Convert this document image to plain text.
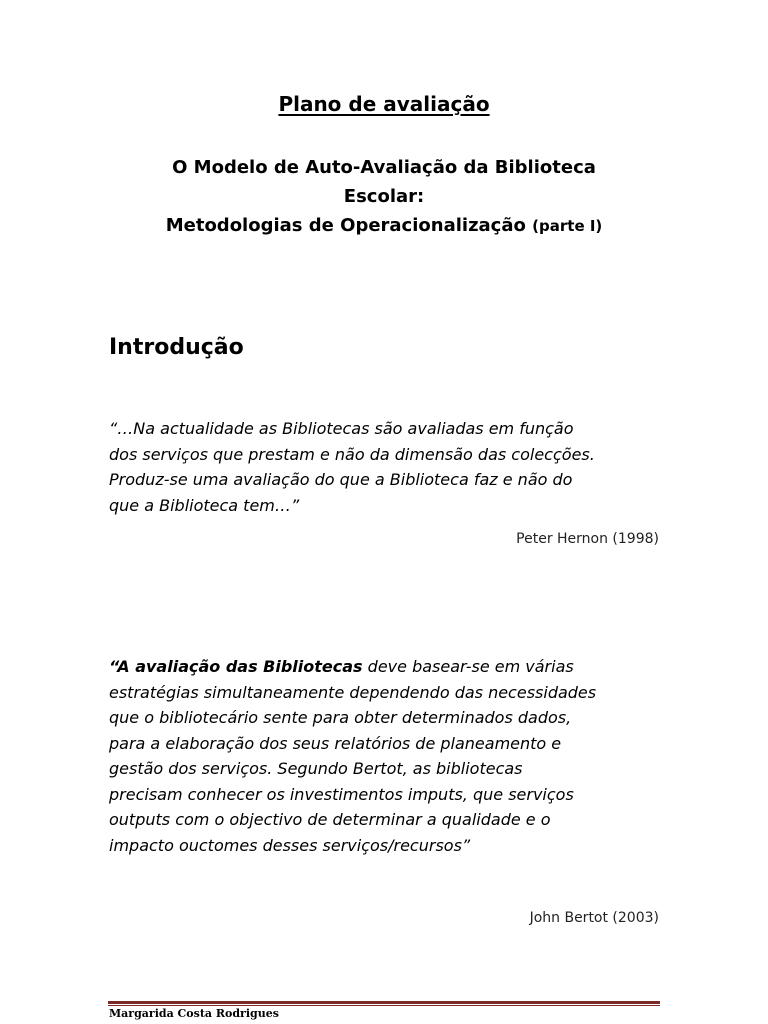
Plano de avaliação

O Modelo de Auto-Avaliação da Biblioteca

Escolar:

Metodologias de Operacionalização (parte I)

Introdução

“…Na actualidade as Bibliotecas são avaliadas em função
dos serviços que prestam e não da dimensão das colecções.
Produz-se uma avaliação do que a Biblioteca faz e não do
que a Biblioteca tem…”

Peter Hernon (1998)

“A avaliação das Bibliotecas deve basear-se em várias
estratégias simultaneamente dependendo das necessidades
que o bibliotecário sente para obter determinados dados,
para a elaboração dos seus relatórios de planeamento e
gestão dos serviços. Segundo Bertot, as bibliotecas
precisam conhecer os investimentos imputs, que serviços
outputs com o objectivo de determinar a qualidade e o
impacto ouctomes desses serviços/recursos”

John Bertot (2003)

Margarida Costa Rodrigues
